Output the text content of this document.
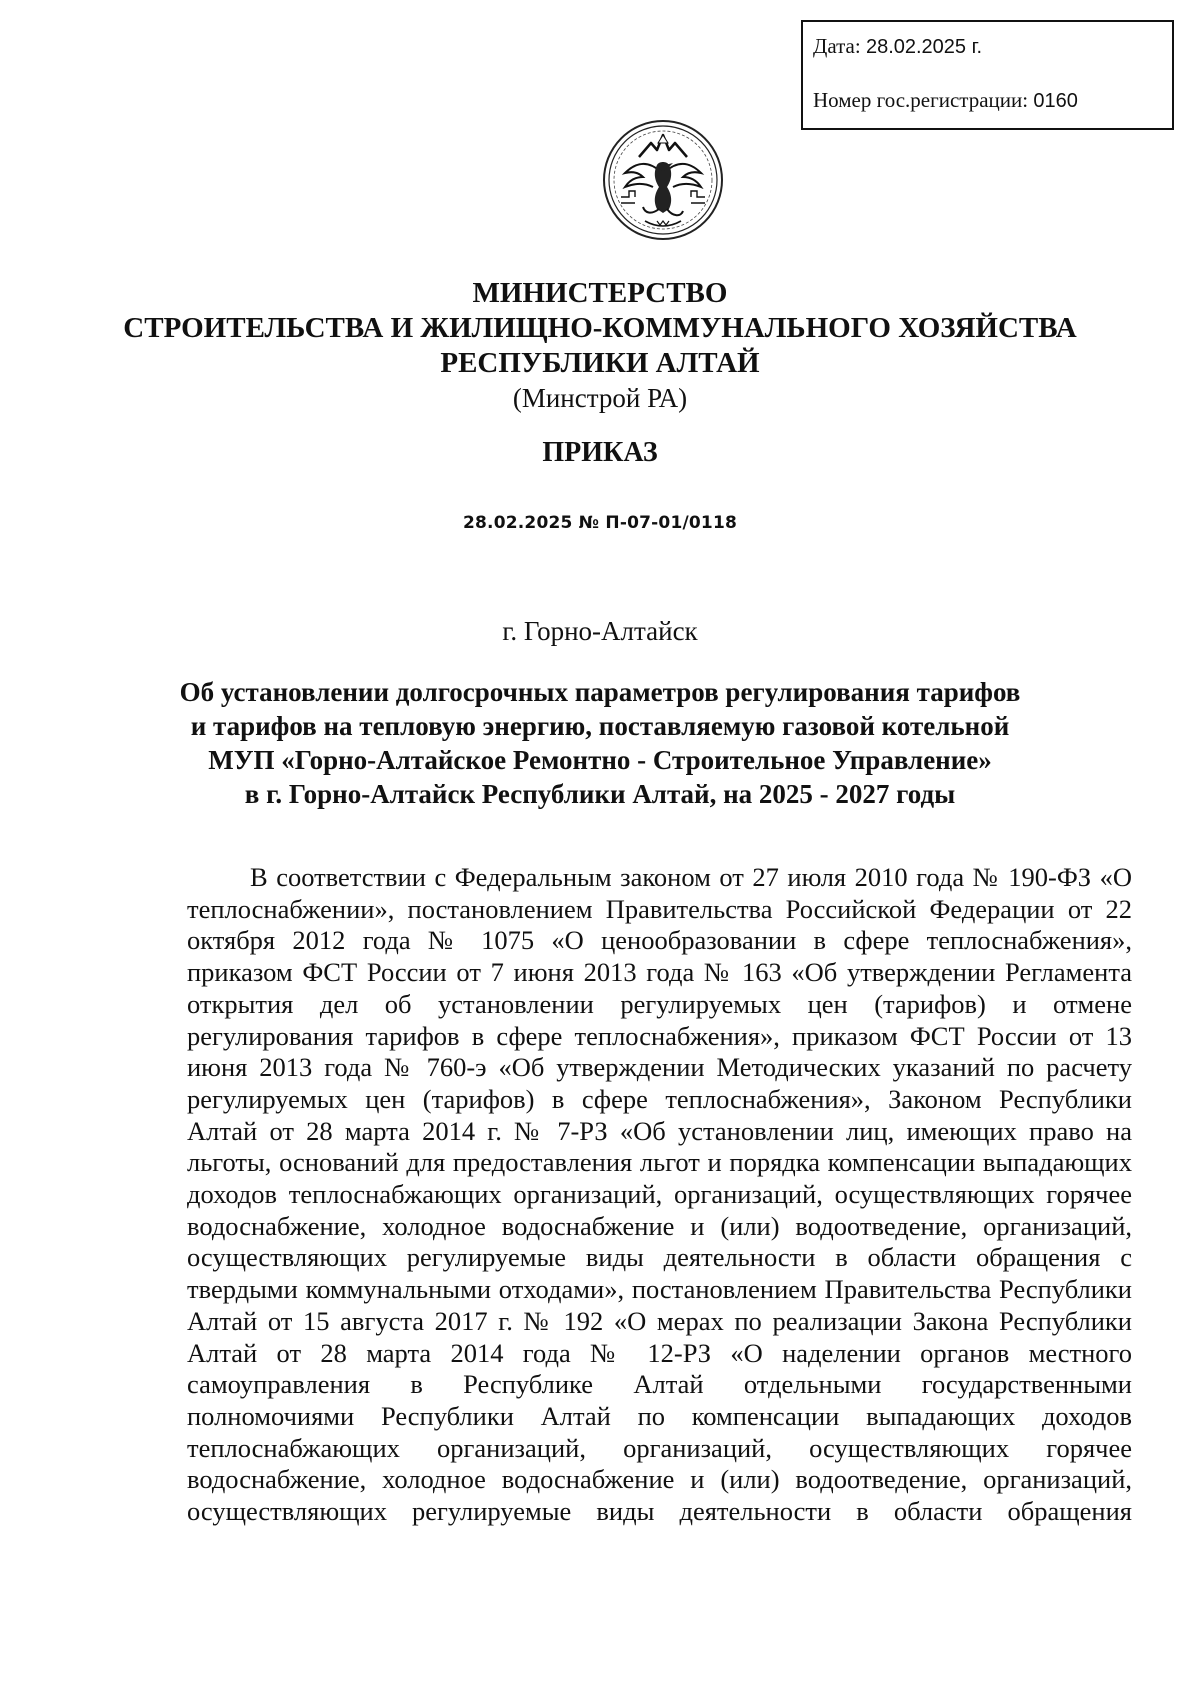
Дата: 28.02.2025 г.
Номер гос.регистрации: 0160
МИНИСТЕРСТВО
СТРОИТЕЛЬСТВА И ЖИЛИЩНО-КОММУНАЛЬНОГО ХОЗЯЙСТВА
РЕСПУБЛИКИ АЛТАЙ
(Минстрой РА)
ПРИКАЗ
28.02.2025 № П-07-01/0118
г. Горно-Алтайск
Об установлении долгосрочных параметров регулирования тарифов
и тарифов на тепловую энергию, поставляемую газовой котельной
МУП «Горно-Алтайское Ремонтно - Строительное Управление»
в г. Горно-Алтайск Республики Алтай, на 2025 - 2027 годы

В соответствии с Федеральным законом от 27 июля 2010 года № 190-ФЗ «О теплоснабжении», постановлением Правительства Российской Федерации от 22 октября 2012 года № 1075 «О ценообразовании в сфере теплоснабжения», приказом ФСТ России от 7 июня 2013 года № 163 «Об утверждении Регламента открытия дел об установлении регулируемых цен (тарифов) и отмене регулирования тарифов в сфере теплоснабжения», приказом ФСТ России от 13 июня 2013 года № 760-э «Об утверждении Методических указаний по расчету регулируемых цен (тарифов) в сфере теплоснабжения», Законом Республики Алтай от 28 марта 2014 г. № 7-РЗ «Об установлении лиц, имеющих право на льготы, оснований для предоставления льгот и порядка компенсации выпадающих доходов теплоснабжающих организаций, организаций, осуществляющих горячее водоснабжение, холодное водоснабжение и (или) водоотведение, организаций, осуществляющих регулируемые виды деятельности в области обращения с твердыми коммунальными отходами», постановлением Правительства Республики Алтай от 15 августа 2017 г. № 192 «О мерах по реализации Закона Республики Алтай от 28 марта 2014 года № 12-РЗ «О наделении органов местного самоуправления в Республике Алтай отдельными государственными полномочиями Республики Алтай по компенсации выпадающих доходов теплоснабжающих организаций, организаций, осуществляющих горячее водоснабжение, холодное водоснабжение и (или) водоотведение, организаций, осуществляющих регулируемые виды деятельности в области обращения
